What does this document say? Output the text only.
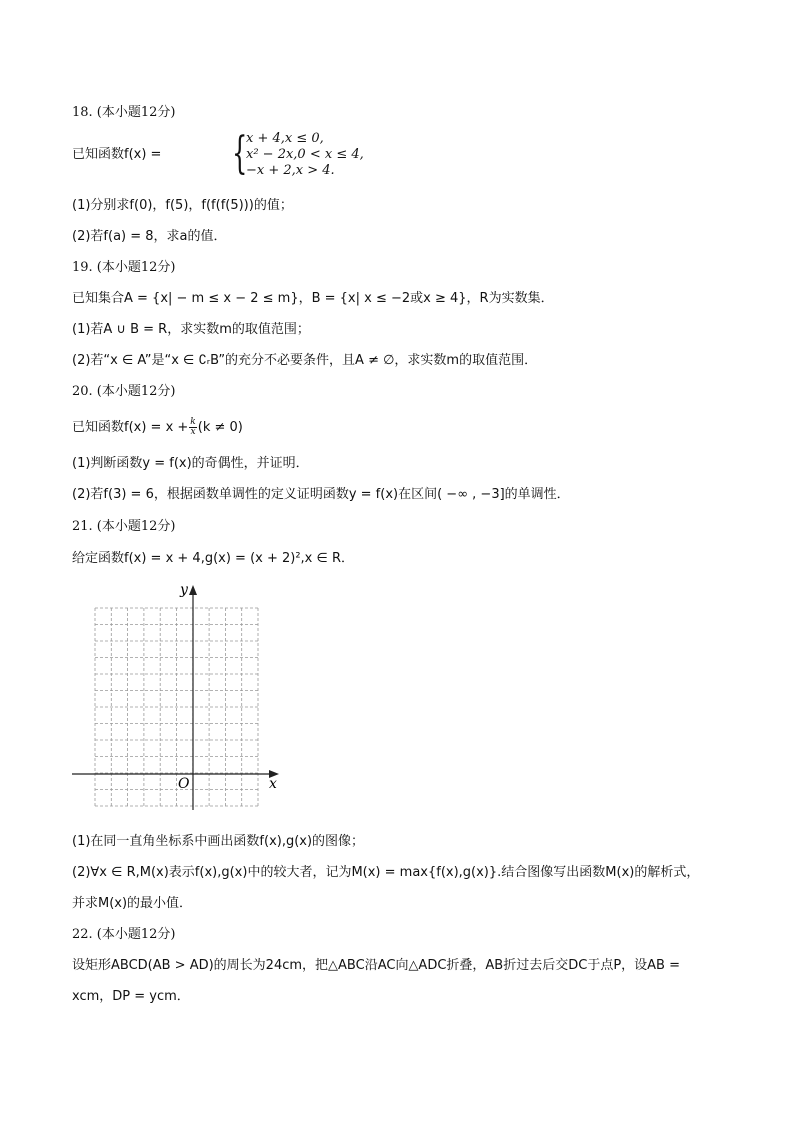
18. (本小题12分)
已知函数f(x) = {
x + 4,x ≤ 0,
x² − 2x,0 < x ≤ 4,
−x + 2,x > 4.
(1)分别求f(0)，f(5)，f(f(f(5)))的值；
(2)若f(a) = 8，求a的值．
19. (本小题12分)
已知集合A = {x| − m ≤ x − 2 ≤ m}，B = {x| x ≤ −2或x ≥ 4}，R为实数集．
(1)若A ∪ B = R，求实数m的取值范围；
(2)若“x ∈ A”是“x ∈ ∁ᵣB”的充分不必要条件，且A ≠ ∅，求实数m的取值范围．
20. (本小题12分)
已知函数$f(x) = x + \frac{k}{x} (k \ne 0)$
(1)判断函数y = f(x)的奇偶性，并证明．
(2)若f(3) = 6，根据函数单调性的定义证明函数y = f(x)在区间( −∞ , −3]的单调性．
21. (本小题12分)
给定函数f(x) = x + 4,g(x) = (x + 2)²,x ∈ R．
y
x
O
(1)在同一直角坐标系中画出函数f(x),g(x)的图像；
(2)∀x ∈ R,M(x)表示f(x),g(x)中的较大者，记为M(x) = max{f(x),g(x)}.结合图像写出函数M(x)的解析式，
并求M(x)的最小值．
22. (本小题12分)
设矩形ABCD(AB > AD)的周长为24cm，把△ABC沿AC向△ADC折叠，AB折过去后交DC于点P，设AB =
xcm，DP = ycm．
